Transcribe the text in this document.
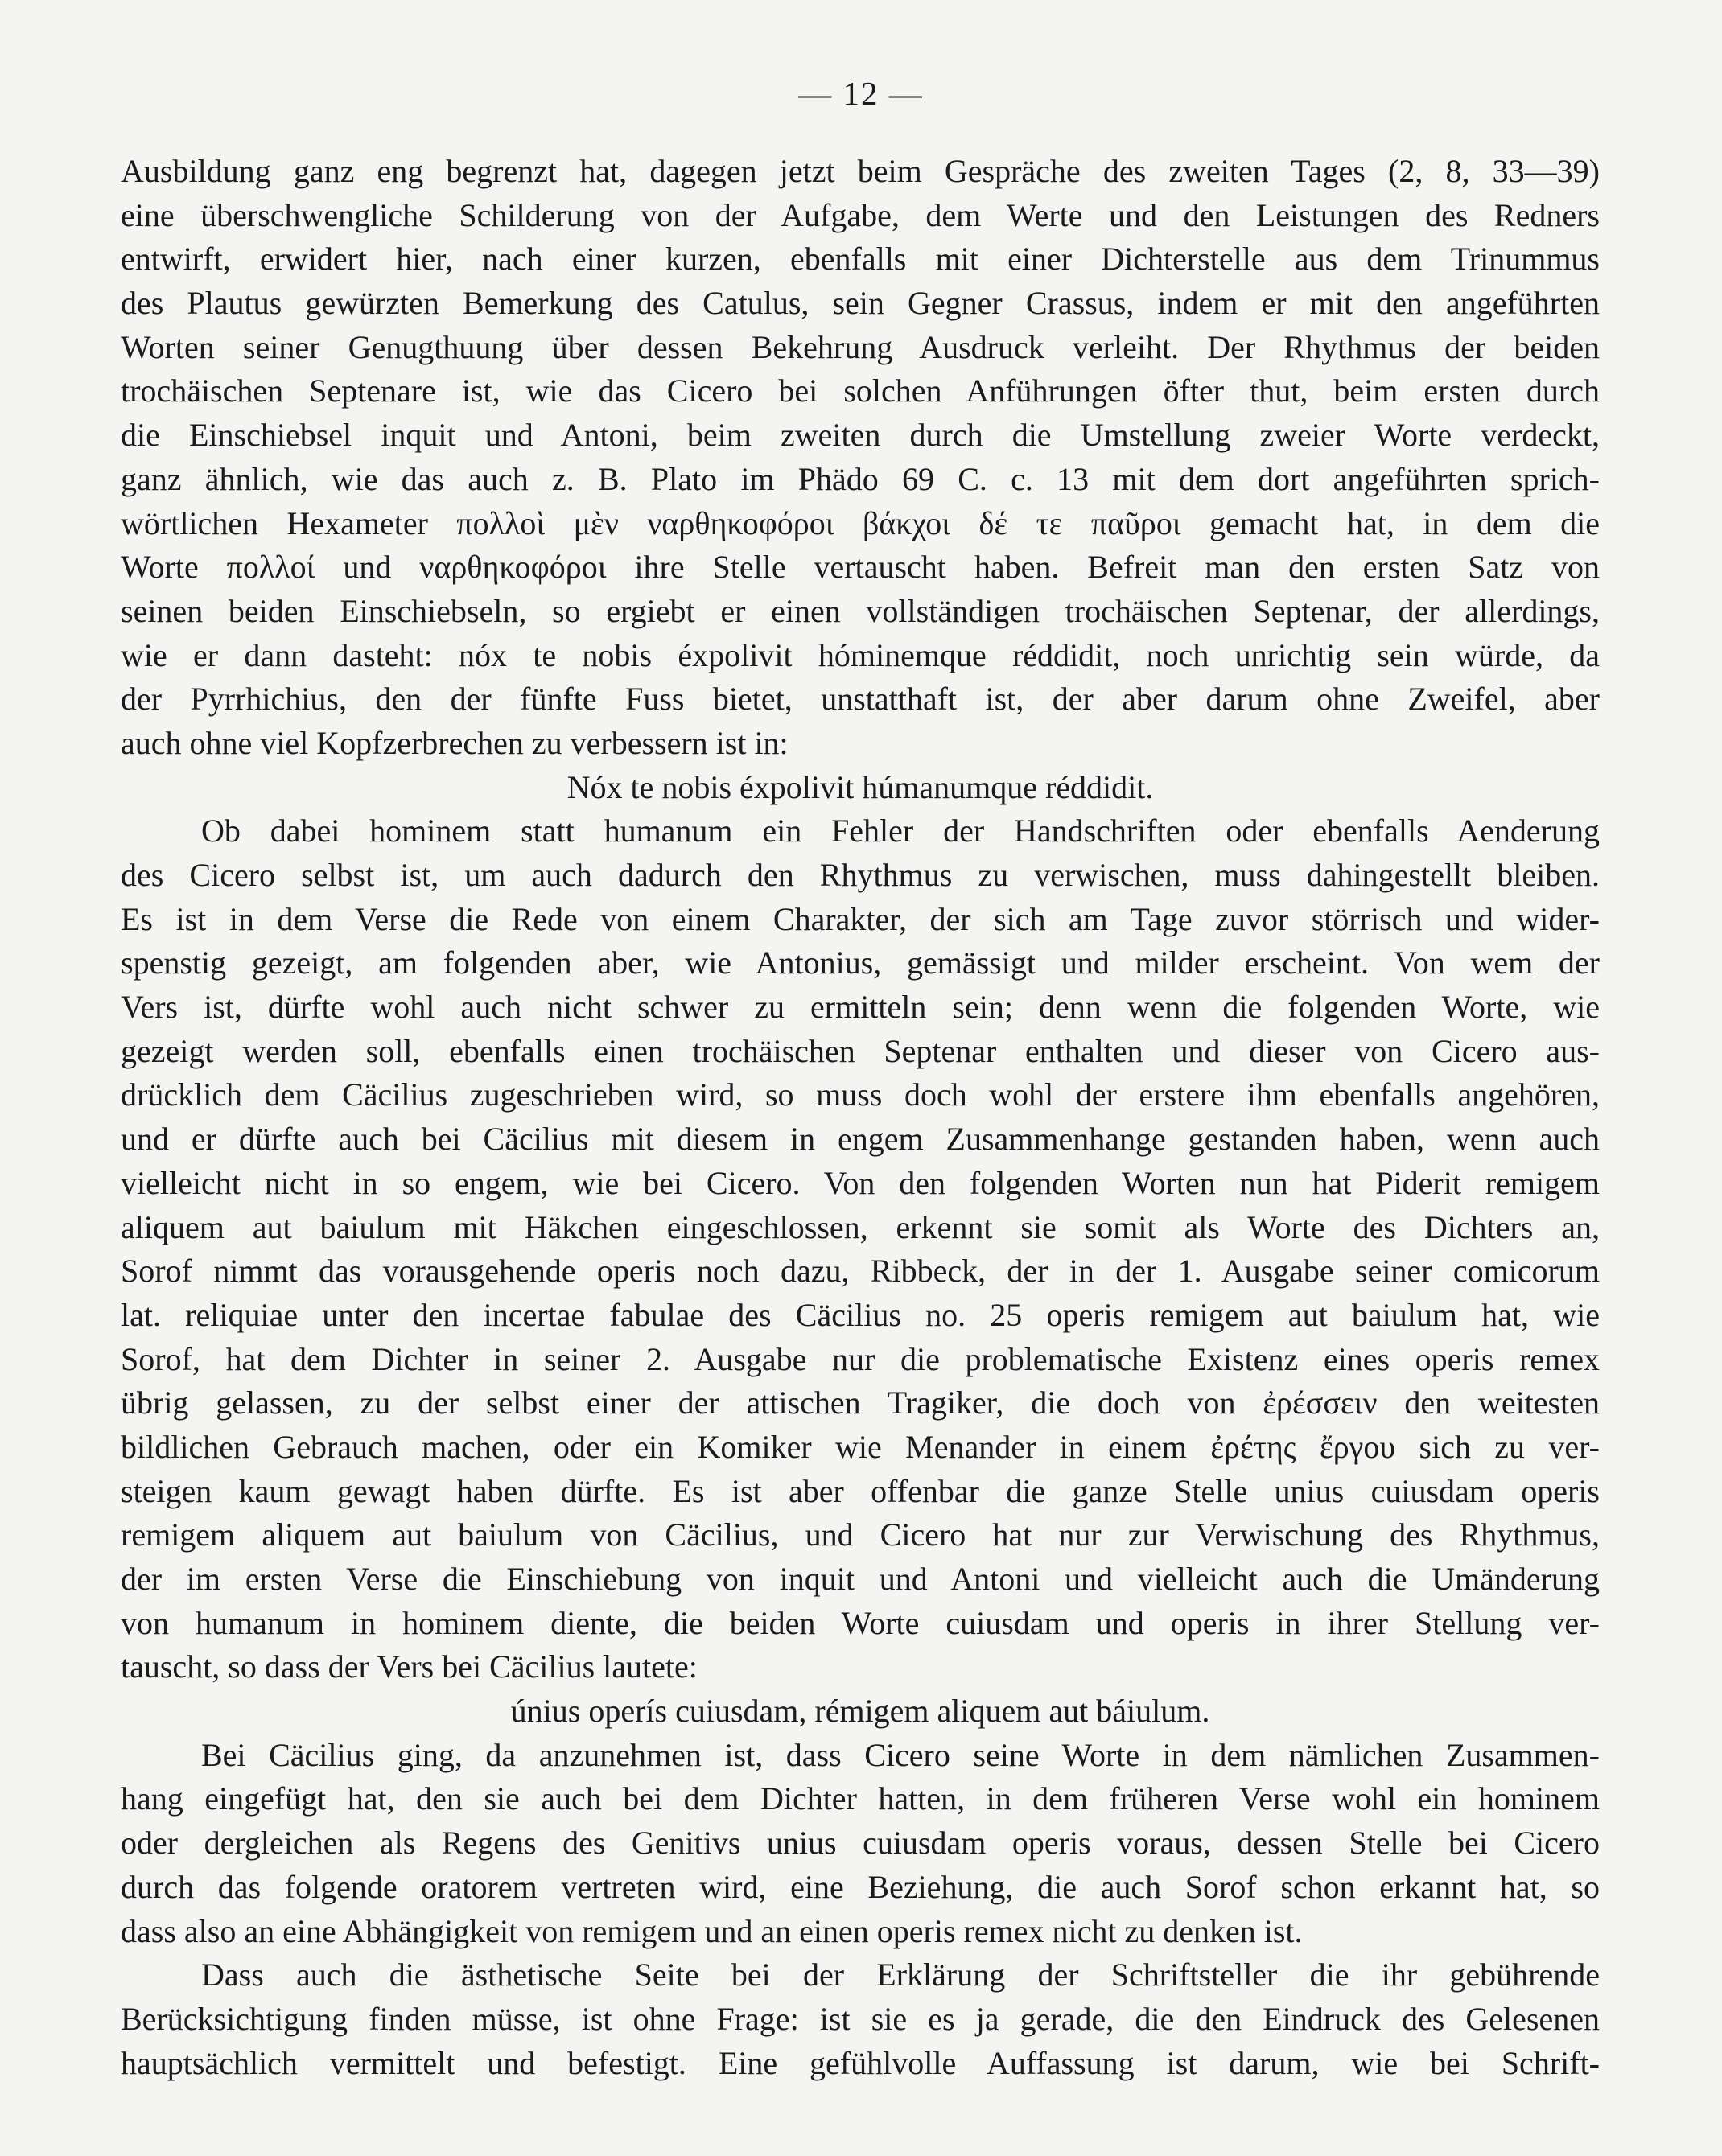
— 12 —
Ausbildung ganz eng begrenzt hat, dagegen jetzt beim Gespräche des zweiten Tages (2, 8, 33—39)
eine überschwengliche Schilderung von der Aufgabe, dem Werte und den Leistungen des Redners
entwirft, erwidert hier, nach einer kurzen, ebenfalls mit einer Dichterstelle aus dem Trinummus
des Plautus gewürzten Bemerkung des Catulus, sein Gegner Crassus, indem er mit den angeführten
Worten seiner Genugthuung über dessen Bekehrung Ausdruck verleiht. Der Rhythmus der beiden
trochäischen Septenare ist, wie das Cicero bei solchen Anführungen öfter thut, beim ersten durch
die Einschiebsel inquit und Antoni, beim zweiten durch die Umstellung zweier Worte verdeckt,
ganz ähnlich, wie das auch z. B. Plato im Phädo 69 C. c. 13 mit dem dort angeführten sprich-
wörtlichen Hexameter πολλοὶ μὲν ναρθηκοφόροι βάκχοι δέ τε παῦροι gemacht hat, in dem die
Worte πολλοί und ναρθηκοφόροι ihre Stelle vertauscht haben. Befreit man den ersten Satz von
seinen beiden Einschiebseln, so ergiebt er einen vollständigen trochäischen Septenar, der allerdings,
wie er dann dasteht: nóx te nobis éxpolivit hóminemque réddidit, noch unrichtig sein würde, da
der Pyrrhichius, den der fünfte Fuss bietet, unstatthaft ist, der aber darum ohne Zweifel, aber
auch ohne viel Kopfzerbrechen zu verbessern ist in:
Nóx te nobis éxpolivit húmanumque réddidit.
Ob dabei hominem statt humanum ein Fehler der Handschriften oder ebenfalls Aenderung
des Cicero selbst ist, um auch dadurch den Rhythmus zu verwischen, muss dahingestellt bleiben.
Es ist in dem Verse die Rede von einem Charakter, der sich am Tage zuvor störrisch und wider-
spenstig gezeigt, am folgenden aber, wie Antonius, gemässigt und milder erscheint. Von wem der
Vers ist, dürfte wohl auch nicht schwer zu ermitteln sein; denn wenn die folgenden Worte, wie
gezeigt werden soll, ebenfalls einen trochäischen Septenar enthalten und dieser von Cicero aus-
drücklich dem Cäcilius zugeschrieben wird, so muss doch wohl der erstere ihm ebenfalls angehören,
und er dürfte auch bei Cäcilius mit diesem in engem Zusammenhange gestanden haben, wenn auch
vielleicht nicht in so engem, wie bei Cicero. Von den folgenden Worten nun hat Piderit remigem
aliquem aut baiulum mit Häkchen eingeschlossen, erkennt sie somit als Worte des Dichters an,
Sorof nimmt das vorausgehende operis noch dazu, Ribbeck, der in der 1. Ausgabe seiner comicorum
lat. reliquiae unter den incertae fabulae des Cäcilius no. 25 operis remigem aut baiulum hat, wie
Sorof, hat dem Dichter in seiner 2. Ausgabe nur die problematische Existenz eines operis remex
übrig gelassen, zu der selbst einer der attischen Tragiker, die doch von ἐρέσσειν den weitesten
bildlichen Gebrauch machen, oder ein Komiker wie Menander in einem ἐρέτης ἔργου sich zu ver-
steigen kaum gewagt haben dürfte. Es ist aber offenbar die ganze Stelle unius cuiusdam operis
remigem aliquem aut baiulum von Cäcilius, und Cicero hat nur zur Verwischung des Rhythmus,
der im ersten Verse die Einschiebung von inquit und Antoni und vielleicht auch die Umänderung
von humanum in hominem diente, die beiden Worte cuiusdam und operis in ihrer Stellung ver-
tauscht, so dass der Vers bei Cäcilius lautete:
únius operís cuiusdam, rémigem aliquem aut báiulum.
Bei Cäcilius ging, da anzunehmen ist, dass Cicero seine Worte in dem nämlichen Zusammen-
hang eingefügt hat, den sie auch bei dem Dichter hatten, in dem früheren Verse wohl ein hominem
oder dergleichen als Regens des Genitivs unius cuiusdam operis voraus, dessen Stelle bei Cicero
durch das folgende oratorem vertreten wird, eine Beziehung, die auch Sorof schon erkannt hat, so
dass also an eine Abhängigkeit von remigem und an einen operis remex nicht zu denken ist.
Dass auch die ästhetische Seite bei der Erklärung der Schriftsteller die ihr gebührende
Berücksichtigung finden müsse, ist ohne Frage: ist sie es ja gerade, die den Eindruck des Gelesenen
hauptsächlich vermittelt und befestigt. Eine gefühlvolle Auffassung ist darum, wie bei Schrift-
